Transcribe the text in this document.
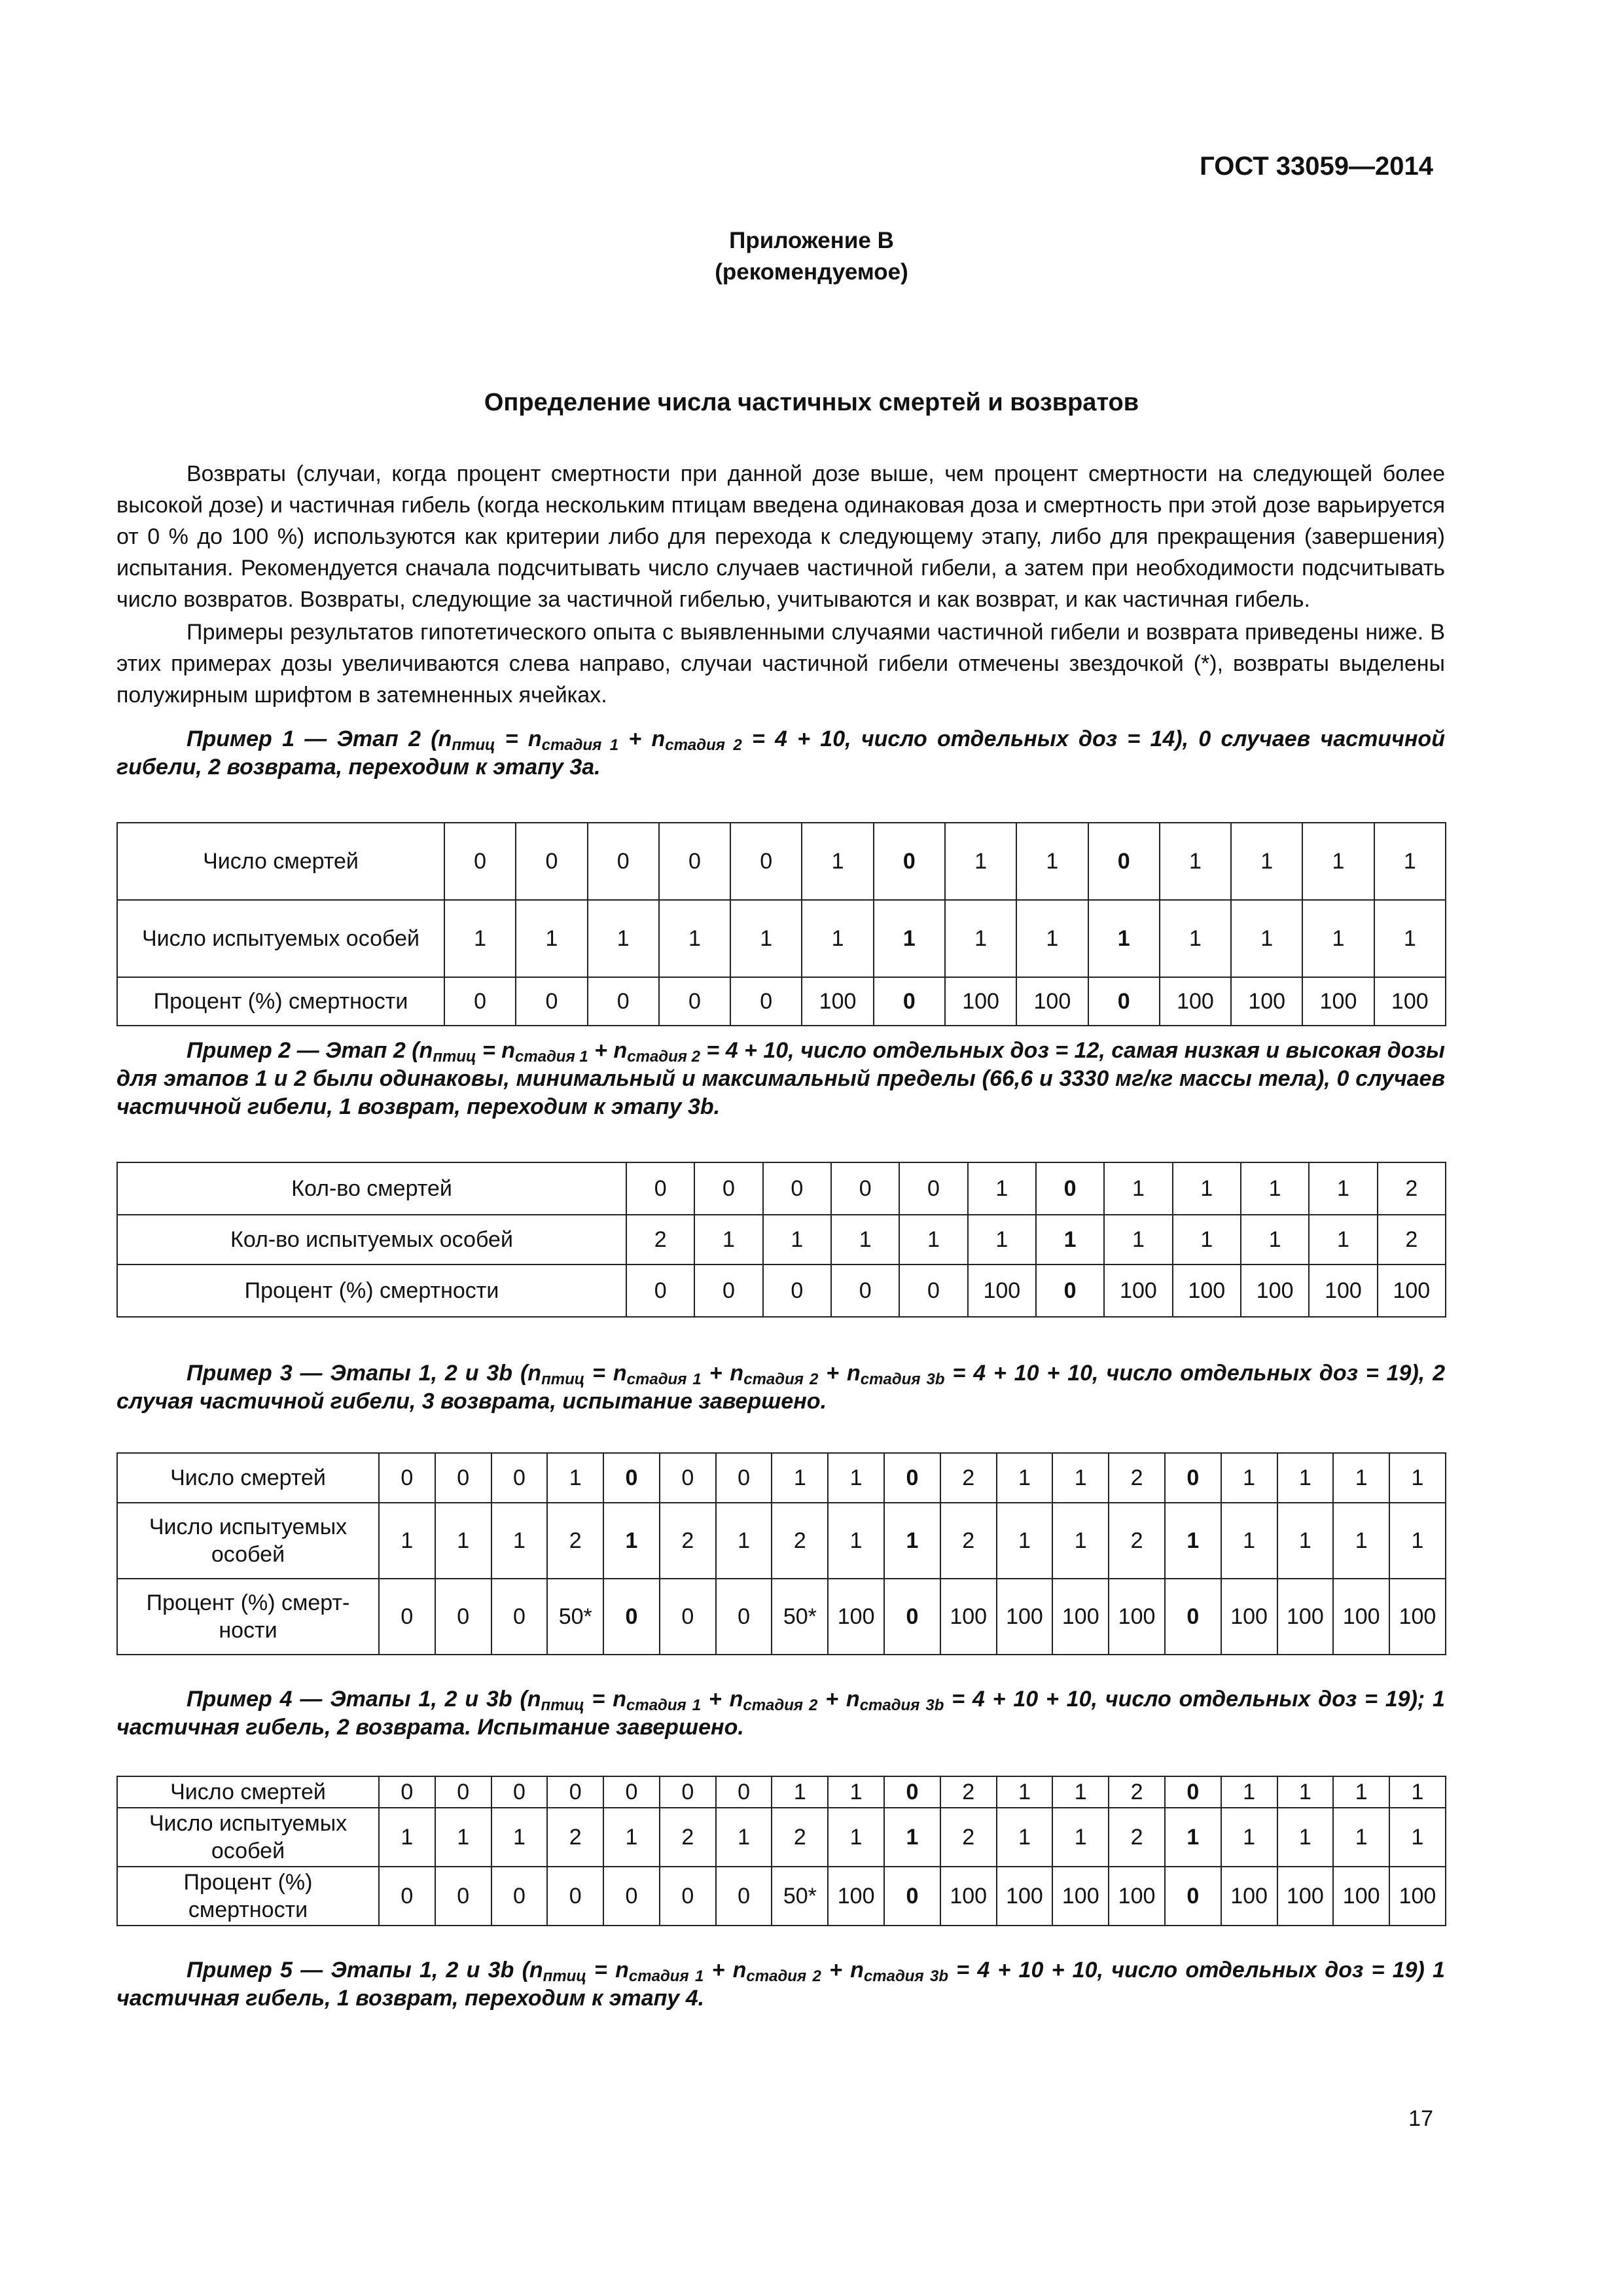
ГОСТ 33059—2014
Приложение B
(рекомендуемое)
Определение числа частичных смертей и возвратов

Возвраты (случаи, когда процент смертности при данной дозе выше, чем процент смертности на следующей более высокой дозе) и частичная гибель (когда нескольким птицам введена одинаковая доза и смертность при этой дозе варьируется от 0 % до 100 %) используются как критерии либо для перехода к следующему этапу, либо для прекращения (завершения) испытания. Рекомендуется сначала подсчитывать число случаев частичной гибели, а затем при необходимости подсчитывать число возвратов. Возвраты, следующие за частичной гибелью, учитываются и как возврат, и как частичная гибель.

Примеры результатов гипотетического опыта с выявленными случаями частичной гибели и возврата приведены ниже. В этих примерах дозы увеличиваются слева направо, случаи частичной гибели отмечены звездочкой (*), возвраты выделены полужирным шрифтом в затемненных ячейках.

Пример 1 — Этап 2 ($n_{птиц} = n_{стадия 1} + n_{стадия 2} = 4 + 10$, число отдельных доз = 14), 0 случаев частичной гибели, 2 возврата, переходим к этапу 3а.

Число смертей	0	0	0	0	0	1	0	1	1	0	1	1	1	1
Число испытуемых особей	1	1	1	1	1	1	1	1	1	1	1	1	1	1
Процент (%) смертности	0	0	0	0	0	100	0	100	100	0	100	100	100	100

Пример 2 — Этап 2 ($n_{птиц} = n_{стадия 1} + n_{стадия 2} = 4 + 10$, число отдельных доз = 12, самая низкая и высокая дозы для этапов 1 и 2 были одинаковы, минимальный и максимальный пределы (66,6 и 3330 мг/кг массы тела), 0 случаев частичной гибели, 1 возврат, переходим к этапу 3b.

Кол-во смертей	0	0	0	0	0	1	0	1	1	1	1	2
Кол-во испытуемых особей	2	1	1	1	1	1	1	1	1	1	1	2
Процент (%) смертности	0	0	0	0	0	100	0	100	100	100	100	100

Пример 3 — Этапы 1, 2 и 3b ($n_{птиц} = n_{стадия 1} + n_{стадия 2} + n_{стадия 3b} = 4 + 10 + 10$, число отдельных доз = 19), 2 случая частичной гибели, 3 возврата, испытание завершено.

Число смертей	0	0	0	1	0	0	0	1	1	0	2	1	1	2	0	1	1	1	1
Число испытуемых особей	1	1	1	2	1	2	1	2	1	1	2	1	1	2	1	1	1	1	1
Процент (%) смерт-ности	0	0	0	50*	0	0	0	50*	100	0	100	100	100	100	0	100	100	100	100

Пример 4 — Этапы 1, 2 и 3b ($n_{птиц} = n_{стадия 1} + n_{стадия 2} + n_{стадия 3b} = 4 + 10 + 10$, число отдельных доз = 19); 1 частичная гибель, 2 возврата. Испытание завершено.

Число смертей	0	0	0	0	0	0	0	1	1	0	2	1	1	2	0	1	1	1	1
Число испытуемых особей	1	1	1	2	1	2	1	2	1	1	2	1	1	2	1	1	1	1	1
Процент (%) смертности	0	0	0	0	0	0	0	50*	100	0	100	100	100	100	0	100	100	100	100

Пример 5 — Этапы 1, 2 и 3b ($n_{птиц} = n_{стадия 1} + n_{стадия 2} + n_{стадия 3b} = 4 + 10 + 10$, число отдельных доз = 19) 1 частичная гибель, 1 возврат, переходим к этапу 4.

17
